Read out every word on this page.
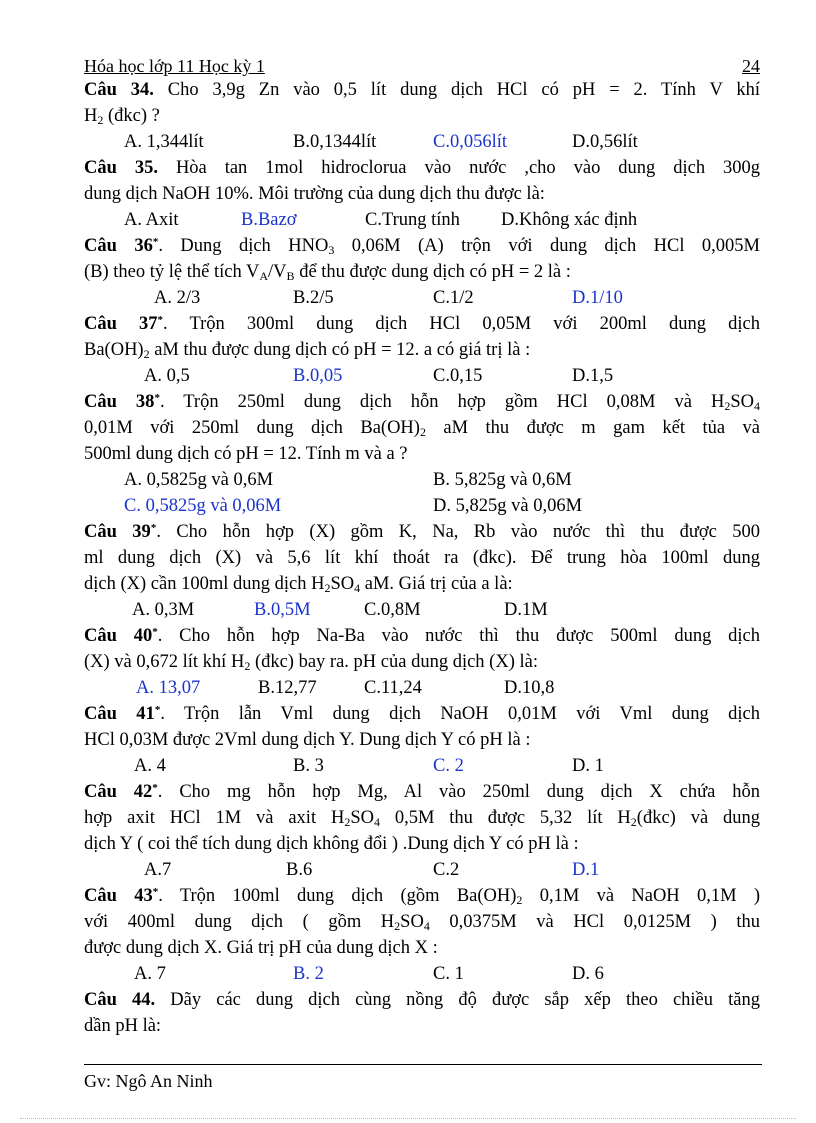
Hóa học lớp 11 Học kỳ 1	24

Câu 34. Cho 3,9g Zn vào 0,5 lít dung dịch HCl có pH = 2. Tính V khí

$H_2$ (đkc) ?

A. 1,344lít	B.0,1344lít	C.0,056lít	D.0,56lít

Câu 35. Hòa tan 1mol hidroclorua vào nước ,cho vào dung dịch 300g

dung dịch NaOH 10%. Môi trường của dung dịch thu được là:

A. Axit	B.Bazơ	C.Trung tính D.Không xác định

Câu 36*. Dung dịch $HNO_3$ 0,06M (A) trộn với dung dịch HCl 0,005M

(B) theo tỷ lệ thể tích $V_A/V_B$ để thu được dung dịch có pH = 2 là :

A. 2/3	B.2/5	C.1/2	D.1/10

Câu 37*. Trộn 300ml dung dịch HCl 0,05M với 200ml dung dịch

$Ba(OH)_2$ aM thu được dung dịch có pH = 12. a có giá trị là :

A. 0,5	B.0,05	C.0,15	D.1,5

Câu 38*. Trộn 250ml dung dịch hỗn hợp gồm HCl 0,08M và $H_2SO_4$

0,01M với 250ml dung dịch $Ba(OH)_2$ aM thu được m gam kết tủa và

500ml dung dịch có pH = 12. Tính m và a ?

A. 0,5825g và 0,6M	B. 5,825g và 0,6M
C. 0,5825g và 0,06M	D. 5,825g và 0,06M

Câu 39*. Cho hỗn hợp (X) gồm K, Na, Rb vào nước thì thu được 500

ml dung dịch (X) và 5,6 lít khí thoát ra (đkc). Để trung hòa 100ml dung

dịch (X) cần 100ml dung dịch $H_2SO_4$ aM. Giá trị của a là:

A. 0,3M	B.0,5M	C.0,8M	D.1M

Câu 40*. Cho hỗn hợp Na-Ba vào nước thì thu được 500ml dung dịch

(X) và 0,672 lít khí $H_2$ (đkc) bay ra. pH của dung dịch (X) là:

A. 13,07	B.12,77	C.11,24	D.10,8

Câu 41*. Trộn lẫn Vml dung dịch NaOH 0,01M với Vml dung dịch

HCl 0,03M được 2Vml dung dịch Y. Dung dịch Y có pH là :

A. 4	B. 3	C. 2	D. 1

Câu 42*. Cho mg hỗn hợp Mg, Al vào 250ml dung dịch X chứa hỗn

hợp axit HCl 1M và axit $H_2SO_4$ 0,5M thu được 5,32 lít $H_2(đkc)$ và dung

dịch Y ( coi thể tích dung dịch không đổi ) .Dung dịch Y có pH là :

A.7	B.6	C.2	D.1

Câu 43*. Trộn 100ml dung dịch (gồm $Ba(OH)_2$ 0,1M và NaOH 0,1M )

với 400ml dung dịch ( gồm $H_2SO_4$ 0,0375M và HCl 0,0125M ) thu

được dung dịch X. Giá trị pH của dung dịch X :

A. 7	B. 2	C. 1	D. 6

Câu 44. Dãy các dung dịch cùng nồng độ được sắp xếp theo chiều tăng

dần pH là:

Gv: Ngô An Ninh
